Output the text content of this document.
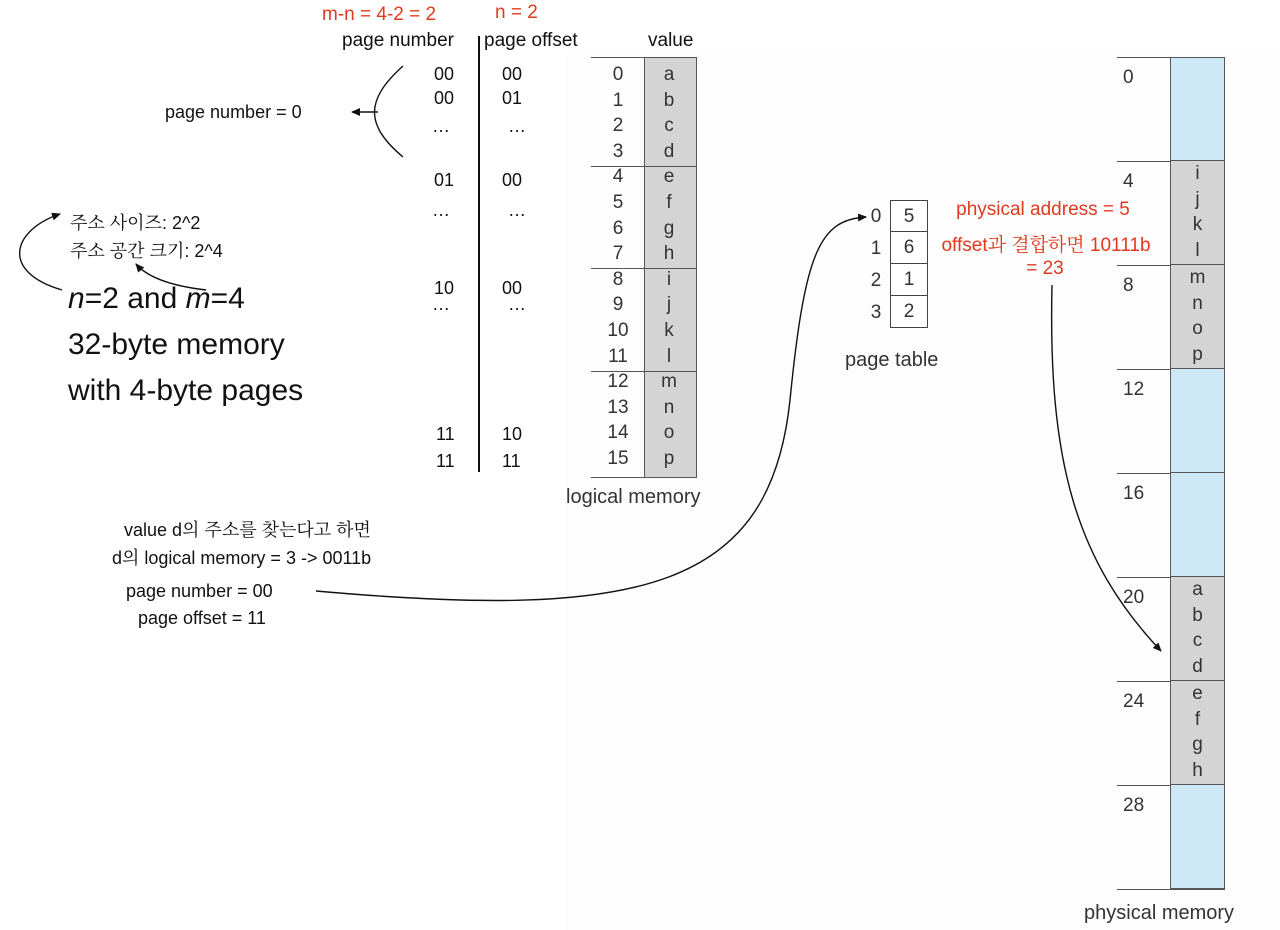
m-n = 4-2 = 2	n = 2
page number page offset	value
00	00
00	01
…	…
01	00
…	…
10	00
…	…
11	10
11	11
page number = 0
주소 사이즈: 2^2
주소 공간 크기: 2^4
n=2 and m=4
32-byte memory
with 4-byte pages
0	a
1	b
2	c
3	d
4	e
5	f
6	g
7	h
8	i
9	j
10	k
11	l
12	m
13	n
14	o
15	p
logical memory
value d의 주소를 찾는다고 하면
d의 logical memory = 3 -> 0011b
page number = 00
page offset = 11
0	5
1	6
2	1
3	2
page table
physical address = 5
offset과 결합하면 10111b
= 23
0
4	i
j
k
l
8	m
n
o
p
12
16
20	a
b
c
d
24	e
f
g
h
28
physical memory
